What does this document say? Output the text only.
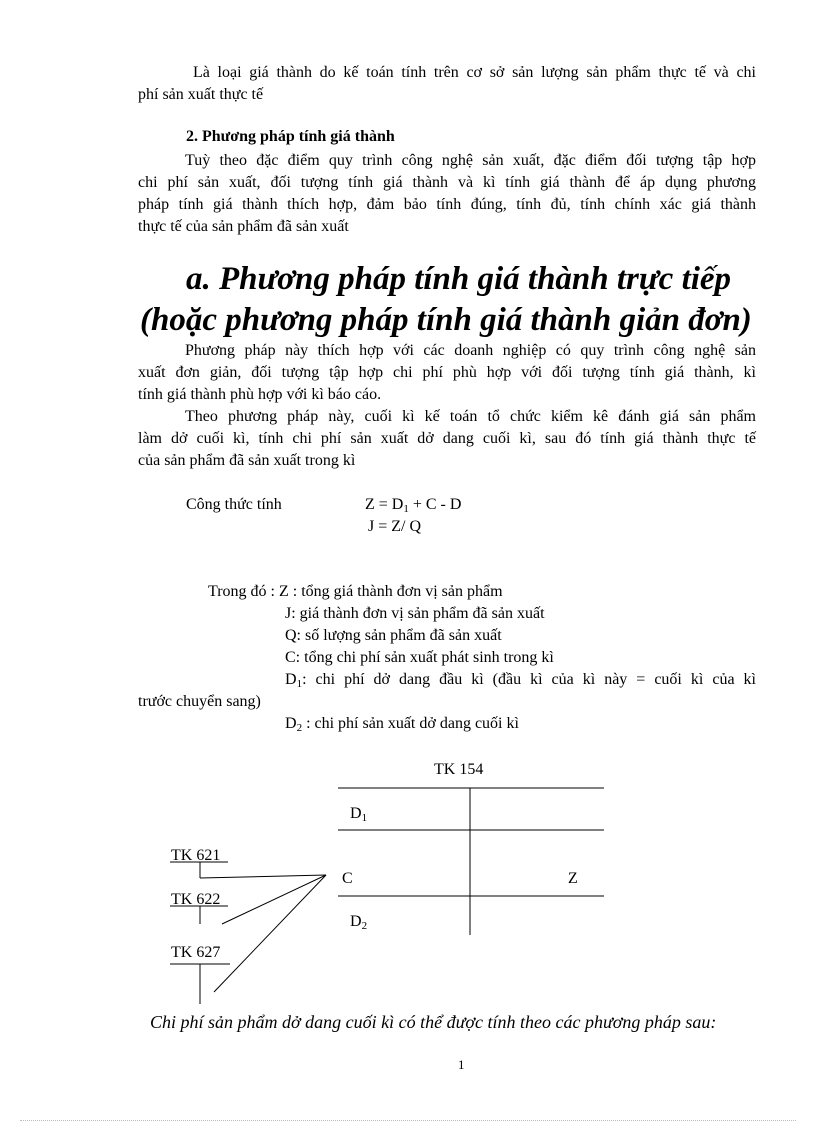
Là loại giá thành do kế toán tính trên cơ sở sản lượng sản phẩm thực tế và chi
phí sản xuất thực tế
2. Phương pháp tính giá thành
Tuỳ theo đặc điểm quy trình công nghệ sản xuất, đặc điểm đối tượng tập hợp
chi phí sản xuất, đối tượng tính giá thành và kì tính giá thành để áp dụng phương
pháp tính giá thành thích hợp, đảm bảo tính đúng, tính đủ, tính chính xác giá thành
thực tế của sản phẩm đã sản xuất
a. Phương pháp tính giá thành trực tiếp
(hoặc phương pháp tính giá thành giản đơn)
Phương pháp này thích hợp với các doanh nghiệp có quy trình công nghệ sản
xuất đơn giản, đối tượng tập hợp chi phí phù hợp với đối tượng tính giá thành, kì
tính giá thành phù hợp với kì báo cáo.
Theo phương pháp này, cuối kì kế toán tổ chức kiểm kê đánh giá sản phẩm
làm dở cuối kì, tính chi phí sản xuất dở dang cuối kì, sau đó tính giá thành thực tế
của sản phẩm đã sản xuất trong kì
Công thức tính	$Z = D_1 + C - D$
J = Z/ Q
Trong đó : Z : tổng giá thành đơn vị sản phẩm
J: giá thành đơn vị sản phẩm đã sản xuất
Q: số lượng sản phẩm đã sản xuất
C: tổng chi phí sản xuất phát sinh trong kì
$D_1$: chi phí dở dang đầu kì (đầu kì của kì này = cuối kì của kì
trước chuyển sang)
$D_2$ : chi phí sản xuất dở dang cuối kì
TK 154
$D_1$
C	Z
$D_2$
TK 621
TK 622
TK 627
Chi phí sản phẩm dở dang cuối kì có thể được tính theo các phương pháp sau:
1
